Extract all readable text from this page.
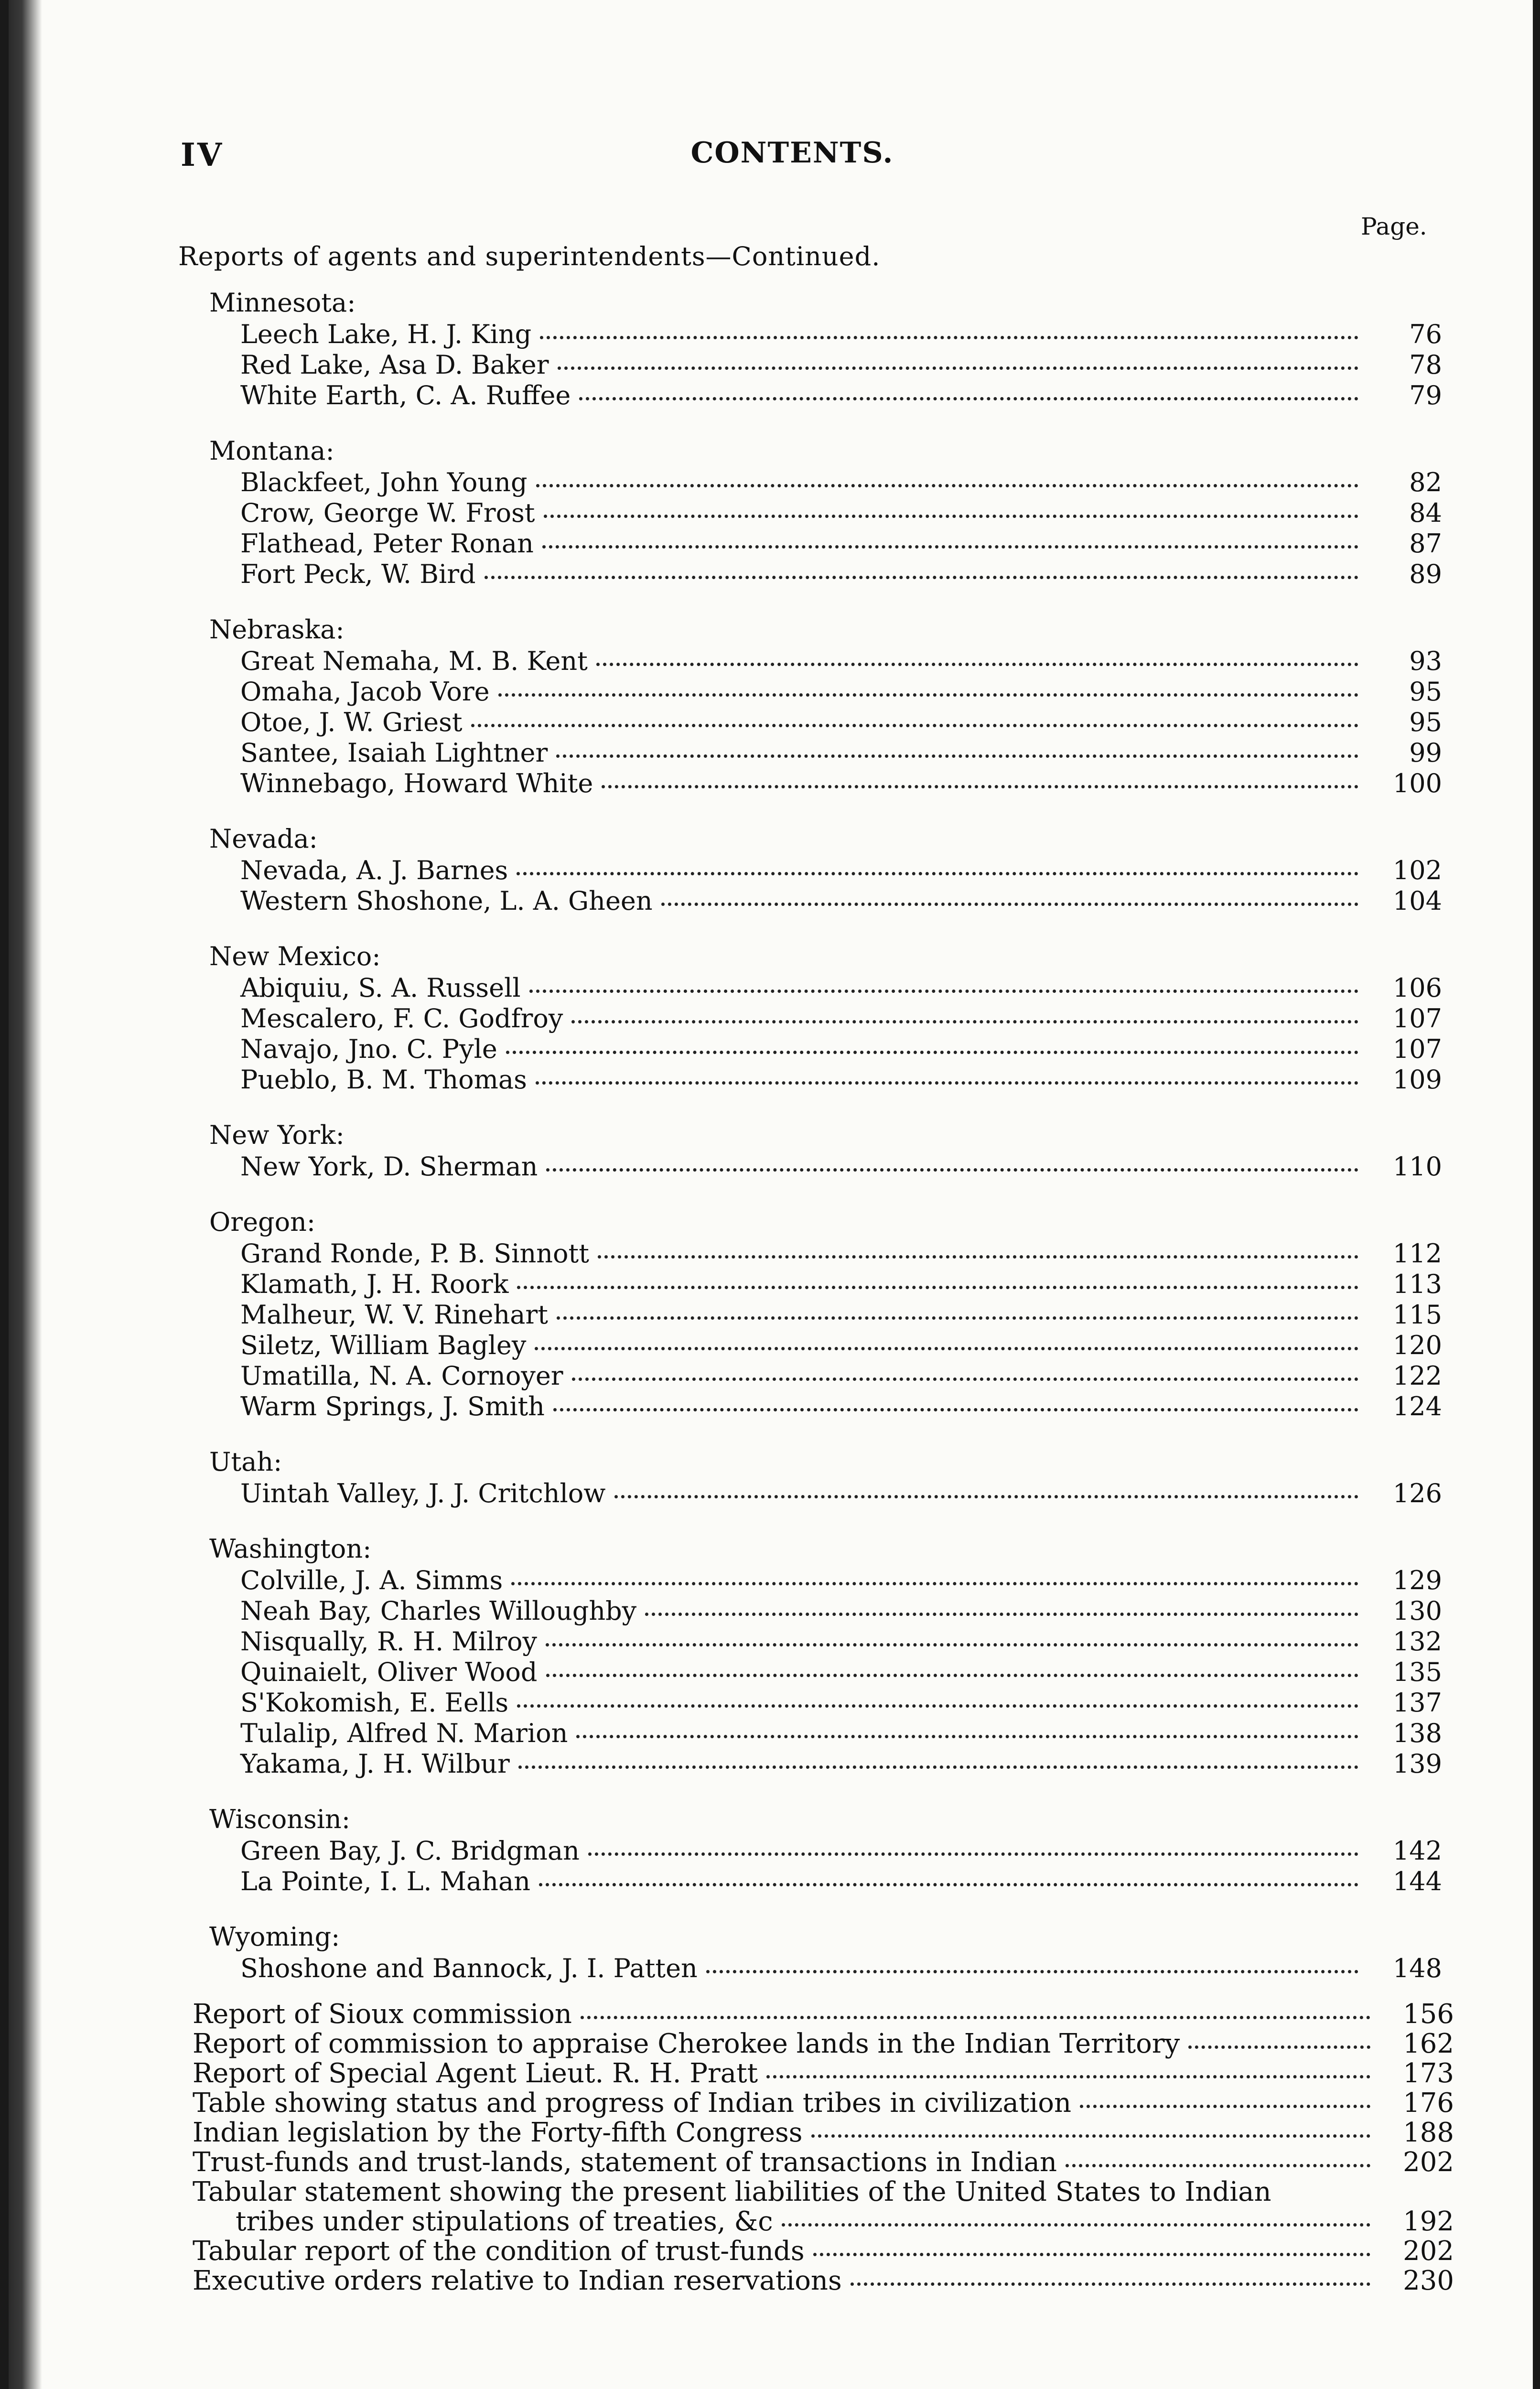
IV	CONTENTS.
Page.
Reports of agents and superintendents—Continued.
Minnesota:
Leech Lake, H. J. King	76
Red Lake, Asa D. Baker	78
White Earth, C. A. Ruffee	79
Montana:
Blackfeet, John Young	82
Crow, George W. Frost	84
Flathead, Peter Ronan	87
Fort Peck, W. Bird	89
Nebraska:
Great Nemaha, M. B. Kent	93
Omaha, Jacob Vore	95
Otoe, J. W. Griest	95
Santee, Isaiah Lightner	99
Winnebago, Howard White	100
Nevada:
Nevada, A. J. Barnes	102
Western Shoshone, L. A. Gheen	104
New Mexico:
Abiquiu, S. A. Russell	106
Mescalero, F. C. Godfroy	107
Navajo, Jno. C. Pyle	107
Pueblo, B. M. Thomas	109
New York:
New York, D. Sherman	110
Oregon:
Grand Ronde, P. B. Sinnott	112
Klamath, J. H. Roork	113
Malheur, W. V. Rinehart	115
Siletz, William Bagley	120
Umatilla, N. A. Cornoyer	122
Warm Springs, J. Smith	124
Utah:
Uintah Valley, J. J. Critchlow	126
Washington:
Colville, J. A. Simms	129
Neah Bay, Charles Willoughby	130
Nisqually, R. H. Milroy	132
Quinaielt, Oliver Wood	135
S'Kokomish, E. Eells	137
Tulalip, Alfred N. Marion	138
Yakama, J. H. Wilbur	139
Wisconsin:
Green Bay, J. C. Bridgman	142
La Pointe, I. L. Mahan	144
Wyoming:
Shoshone and Bannock, J. I. Patten	148
Report of Sioux commission	156
Report of commission to appraise Cherokee lands in the Indian Territory	162
Report of Special Agent Lieut. R. H. Pratt	173
Table showing status and progress of Indian tribes in civilization	176
Indian legislation by the Forty-fifth Congress	188
Trust-funds and trust-lands, statement of transactions in Indian	202
Tabular statement showing the present liabilities of the United States to Indian
tribes under stipulations of treaties, &c	192
Tabular report of the condition of trust-funds	202
Executive orders relative to Indian reservations	230
